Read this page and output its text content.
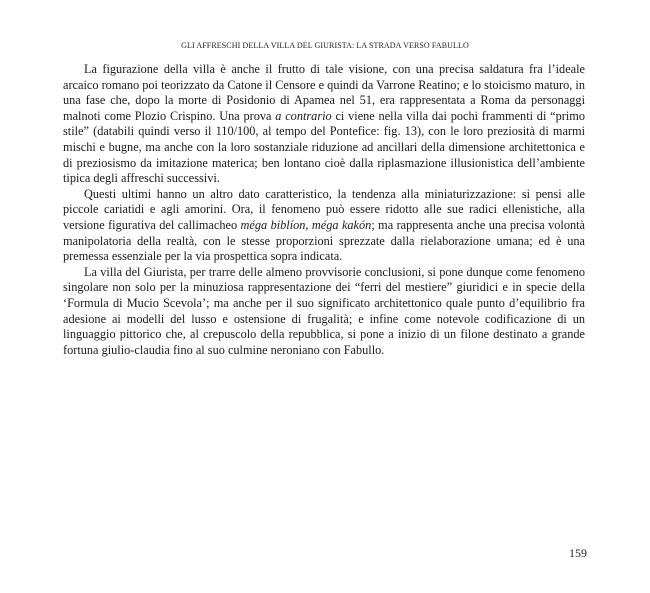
GLI AFFRESCHI DELLA VILLA DEL GIURISTA: LA STRADA VERSO FABULLO

La figurazione della villa è anche il frutto di tale visione, con una precisa saldatura fra l’ideale arcaico romano poi teorizzato da Catone il Censore e quindi da Varrone Reatino; e lo stoicismo maturo, in una fase che, dopo la morte di Posidonio di Apamea nel 51, era rappresentata a Roma da personaggi malnoti come Plozio Crispino. Una prova a contrario ci viene nella villa dai pochi frammenti di “primo stile” (databili quindi verso il 110/100, al tempo del Pontefice: fig. 13), con le loro preziosità di marmi mischi e bugne, ma anche con la loro sostanziale riduzione ad ancillari della dimensione architettonica e di preziosismo da imitazione materica; ben lontano cioè dalla riplasmazione illusionistica dell’ambiente tipica degli affreschi successivi.

Questi ultimi hanno un altro dato caratteristico, la tendenza alla miniaturizzazione: si pensi alle piccole cariatidi e agli amorini. Ora, il fenomeno può essere ridotto alle sue radici ellenistiche, alla versione figurativa del callimacheo méga biblíon, méga kakón; ma rappresenta anche una precisa volontà manipolatoria della realtà, con le stesse proporzioni sprezzate dalla rielaborazione umana; ed è una premessa essenziale per la via prospettica sopra indicata.

La villa del Giurista, per trarre delle almeno provvisorie conclusioni, si pone dunque come fenomeno singolare non solo per la minuziosa rappresentazione dei “ferri del mestiere” giuridici e in specie della ‘Formula di Mucio Scevola’; ma anche per il suo significato architettonico quale punto d’equilibrio fra adesione ai modelli del lusso e ostensione di frugalità; e infine come notevole codificazione di un linguaggio pittorico che, al crepuscolo della repubblica, si pone a inizio di un filone destinato a grande fortuna giulio-claudia fino al suo culmine neroniano con Fabullo.

159
